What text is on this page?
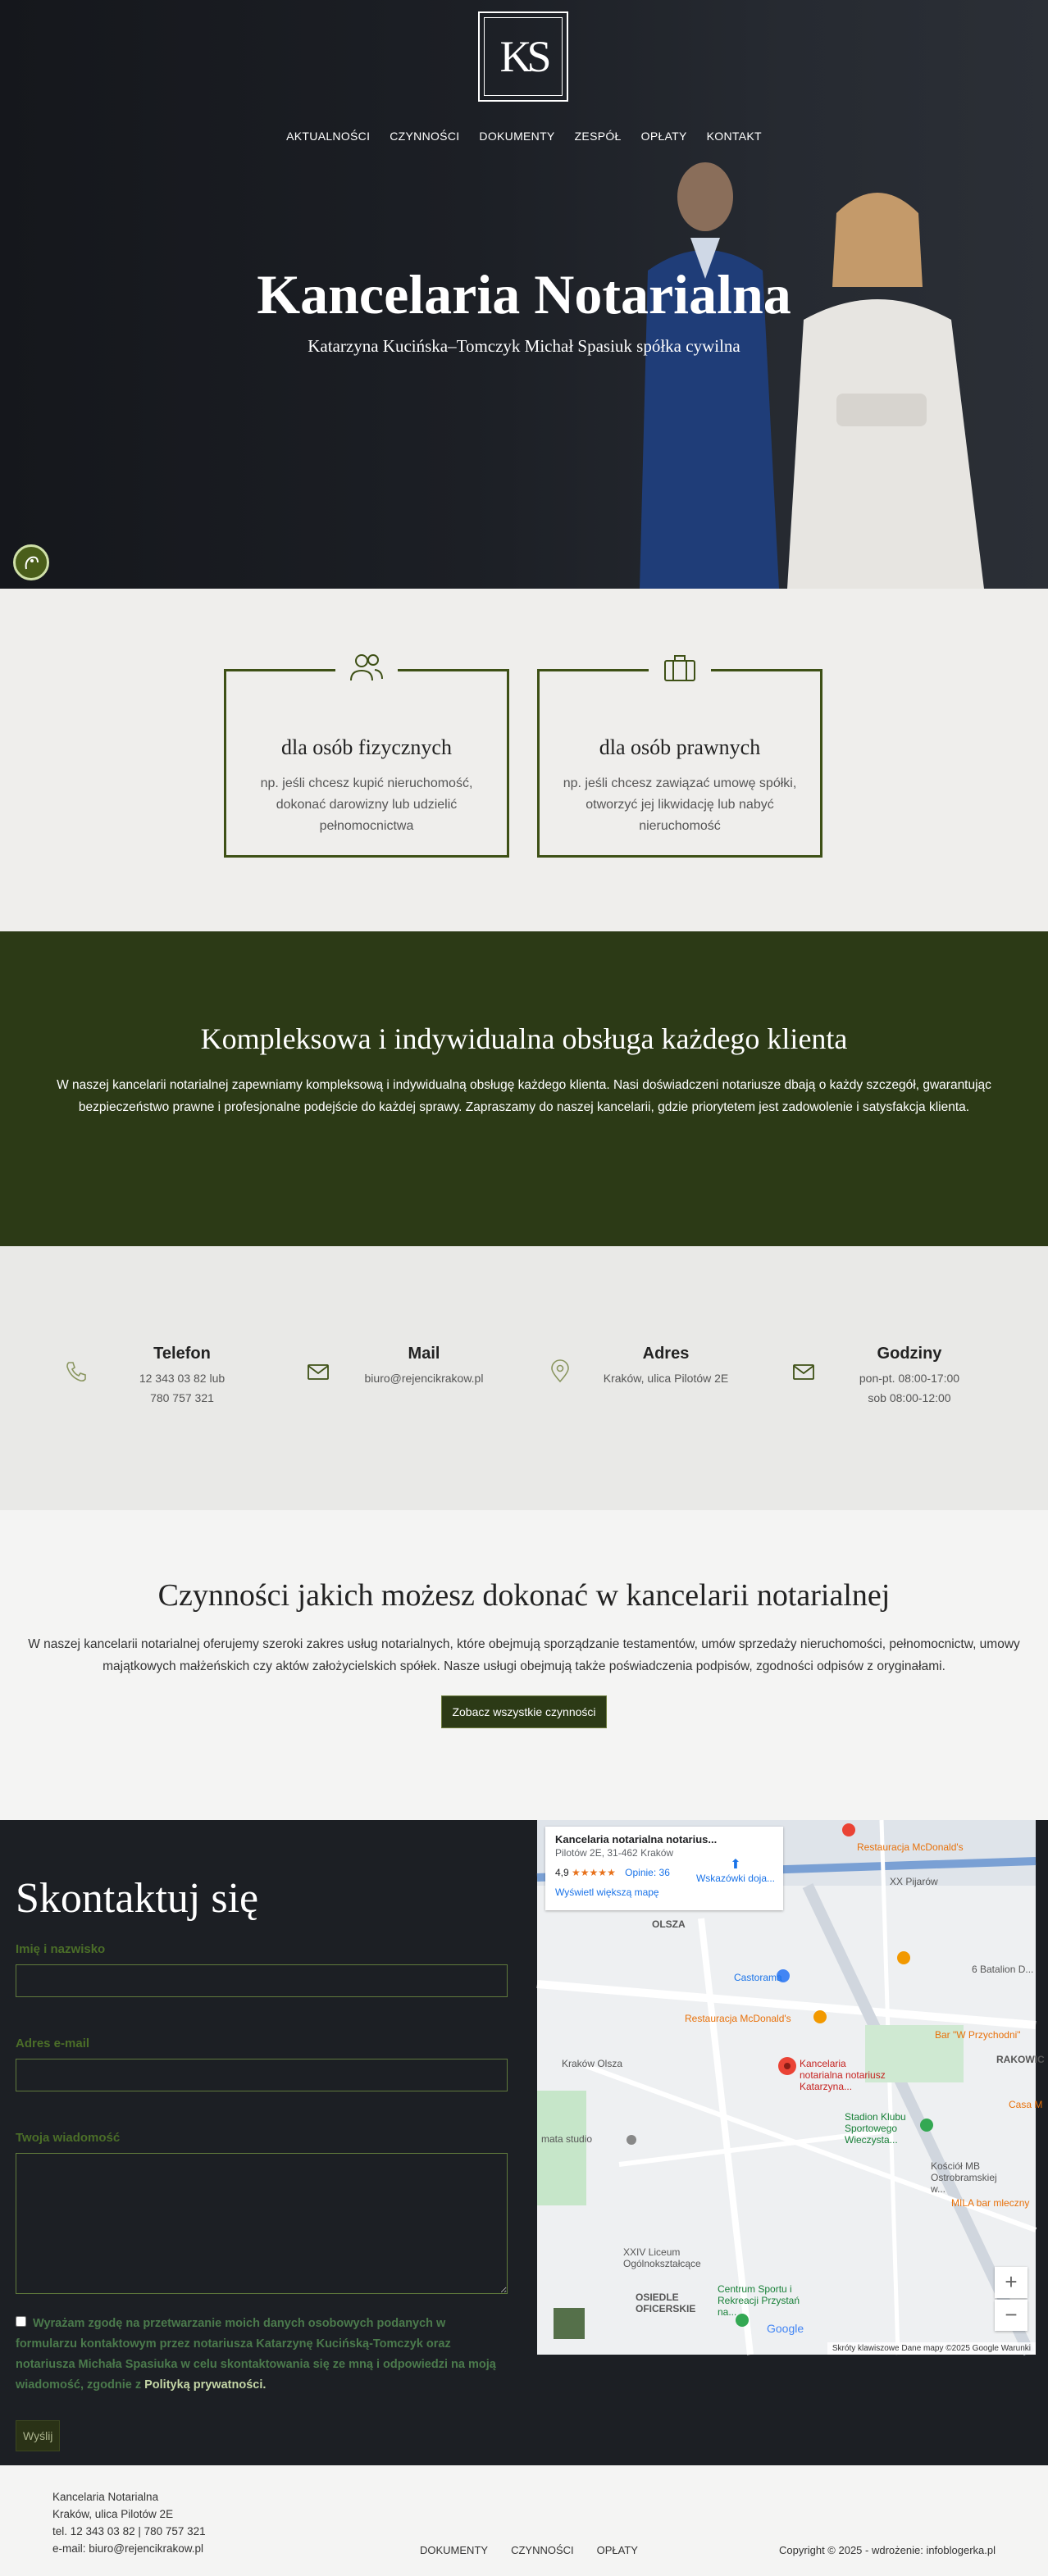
KS
AKTUALNOŚCI CZYNNOŚCI DOKUMENTY ZESPÓŁ OPŁATY KONTAKT
Kancelaria Notarialna
Katarzyna Kucińska–Tomczyk Michał Spasiuk spółka cywilna
dla osób fizycznych

np. jeśli chcesz kupić nieruchomość, dokonać darowizny lub udzielić pełnomocnictwa

dla osób prawnych

np. jeśli chcesz zawiązać umowę spółki, otworzyć jej likwidację lub nabyć nieruchomość

Kompleksowa i indywidualna obsługa każdego klienta

W naszej kancelarii notarialnej zapewniamy kompleksową i indywidualną obsługę każdego klienta. Nasi doświadczeni notariusze dbają o każdy szczegół, gwarantując bezpieczeństwo prawne i profesjonalne podejście do każdej sprawy. Zapraszamy do naszej kancelarii, gdzie priorytetem jest zadowolenie i satysfakcja klienta.

Telefon

12 343 03 82 lub

780 757 321

Mail

biuro@rejencikrakow.pl

Adres

Kraków, ulica Pilotów 2E

Godziny

pon-pt. 08:00-17:00

sob 08:00-12:00

Czynności jakich możesz dokonać w kancelarii notarialnej

W naszej kancelarii notarialnej oferujemy szeroki zakres usług notarialnych, które obejmują sporządzanie testamentów, umów sprzedaży nieruchomości, pełnomocnictw, umowy majątkowych małżeńskich czy aktów założycielskich spółek. Nasze usługi obejmują także poświadczenia podpisów, zgodności odpisów z oryginałami.

Zobacz wszystkie czynności
Skontaktuj się
Imię i nazwisko
Adres e-mail
Twoja wiadomość
Wyrażam zgodę na przetwarzanie moich danych osobowych podanych w formularzu kontaktowym przez notariusza Katarzynę Kucińską-Tomczyk oraz notariusza Michała Spasiuka w celu skontaktowania się ze mną i odpowiedzi na moją wiadomość, zgodnie z Polityką prywatności.
Wyślij
Kancelaria notarialna notarius...
Pilotów 2E, 31-462 Kraków
4,9 ★★★★★ Opinie: 36
Wyświetl większą mapę
⬆
Wskazówki doja...
+
−
Kancelaria notarialna notariusz Katarzyna...
OLSZA
Kraków Olsza
Castorama
Restauracja McDonald's
Restauracja McDonald's
XX Pijarów
6 Batalion D...
Bar "W Przychodni"
RAKOWIC
Casa M
Stadion Klubu Sportowego Wieczysta...
Kościół MB Ostrobramskiej w...
MILA bar mleczny
mata studio
XXIV Liceum Ogólnokształcące
OSIEDLE OFICERSKIE
Centrum Sportu i Rekreacji Przystań na...
Google
Skróty klawiszowe Dane mapy ©2025 Google Warunki
Kancelaria Notarialna
Kraków, ulica Pilotów 2E
tel. 12 343 03 82 | 780 757 321
e-mail: biuro@rejencikrakow.pl	DOKUMENTY CZYNNOŚCI OPŁATY	Copyright © 2025 - wdrożenie: infoblogerka.pl
